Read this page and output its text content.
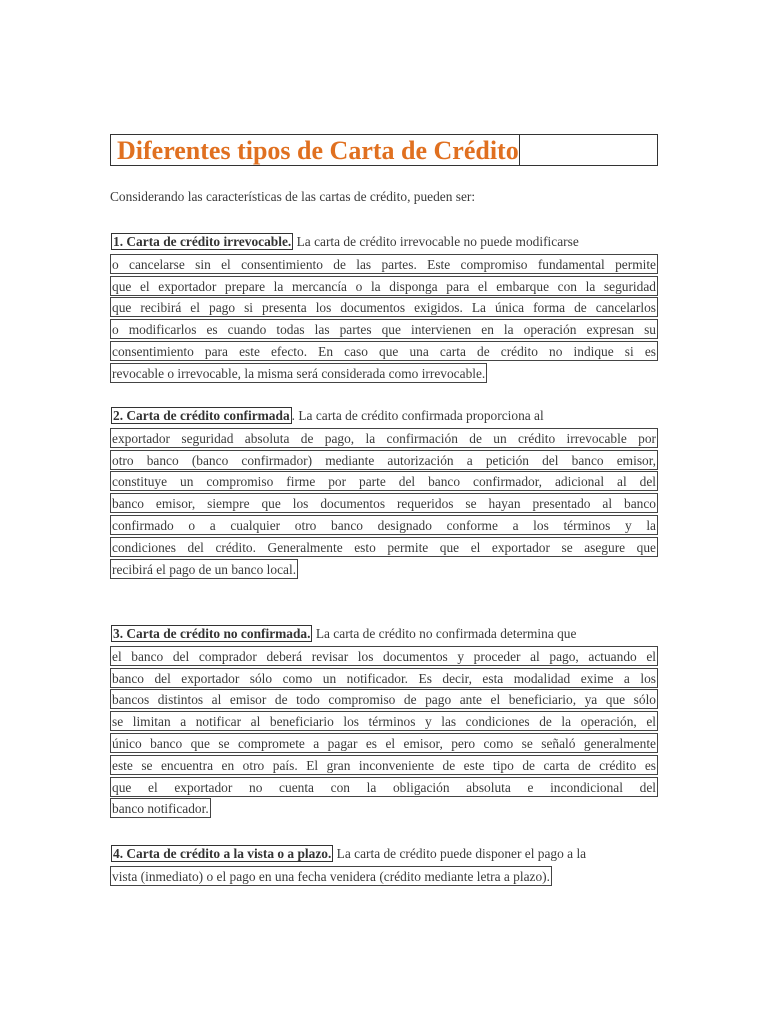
Diferentes tipos de Carta de Crédito
Considerando las características de las cartas de crédito, pueden ser:
1. Carta de crédito irrevocable. La carta de crédito irrevocable no puede modificarse
o cancelarse sin el consentimiento de las partes. Este compromiso fundamental permite
que el exportador prepare la mercancía o la disponga para el embarque con la seguridad
que recibirá el pago si presenta los documentos exigidos. La única forma de cancelarlos
o modificarlos es cuando todas las partes que intervienen en la operación expresan su
consentimiento para este efecto. En caso que una carta de crédito no indique si es
revocable o irrevocable, la misma será considerada como irrevocable.
2. Carta de crédito confirmada . La carta de crédito confirmada proporciona al
exportador seguridad absoluta de pago, la confirmación de un crédito irrevocable por
otro banco (banco confirmador) mediante autorización a petición del banco emisor,
constituye un compromiso firme por parte del banco confirmador, adicional al del
banco emisor, siempre que los documentos requeridos se hayan presentado al banco
confirmado o a cualquier otro banco designado conforme a los términos y la
condiciones del crédito. Generalmente esto permite que el exportador se asegure que
recibirá el pago de un banco local.
3. Carta de crédito no confirmada. La carta de crédito no confirmada determina que
el banco del comprador deberá revisar los documentos y proceder al pago, actuando el
banco del exportador sólo como un notificador. Es decir, esta modalidad exime a los
bancos distintos al emisor de todo compromiso de pago ante el beneficiario, ya que sólo
se limitan a notificar al beneficiario los términos y las condiciones de la operación, el
único banco que se compromete a pagar es el emisor, pero como se señaló generalmente
este se encuentra en otro país. El gran inconveniente de este tipo de carta de crédito es
que el exportador no cuenta con la obligación absoluta e incondicional del
banco notificador.
4. Carta de crédito a la vista o a plazo. La carta de crédito puede disponer el pago a la
vista (inmediato) o el pago en una fecha venidera (crédito mediante letra a plazo).
